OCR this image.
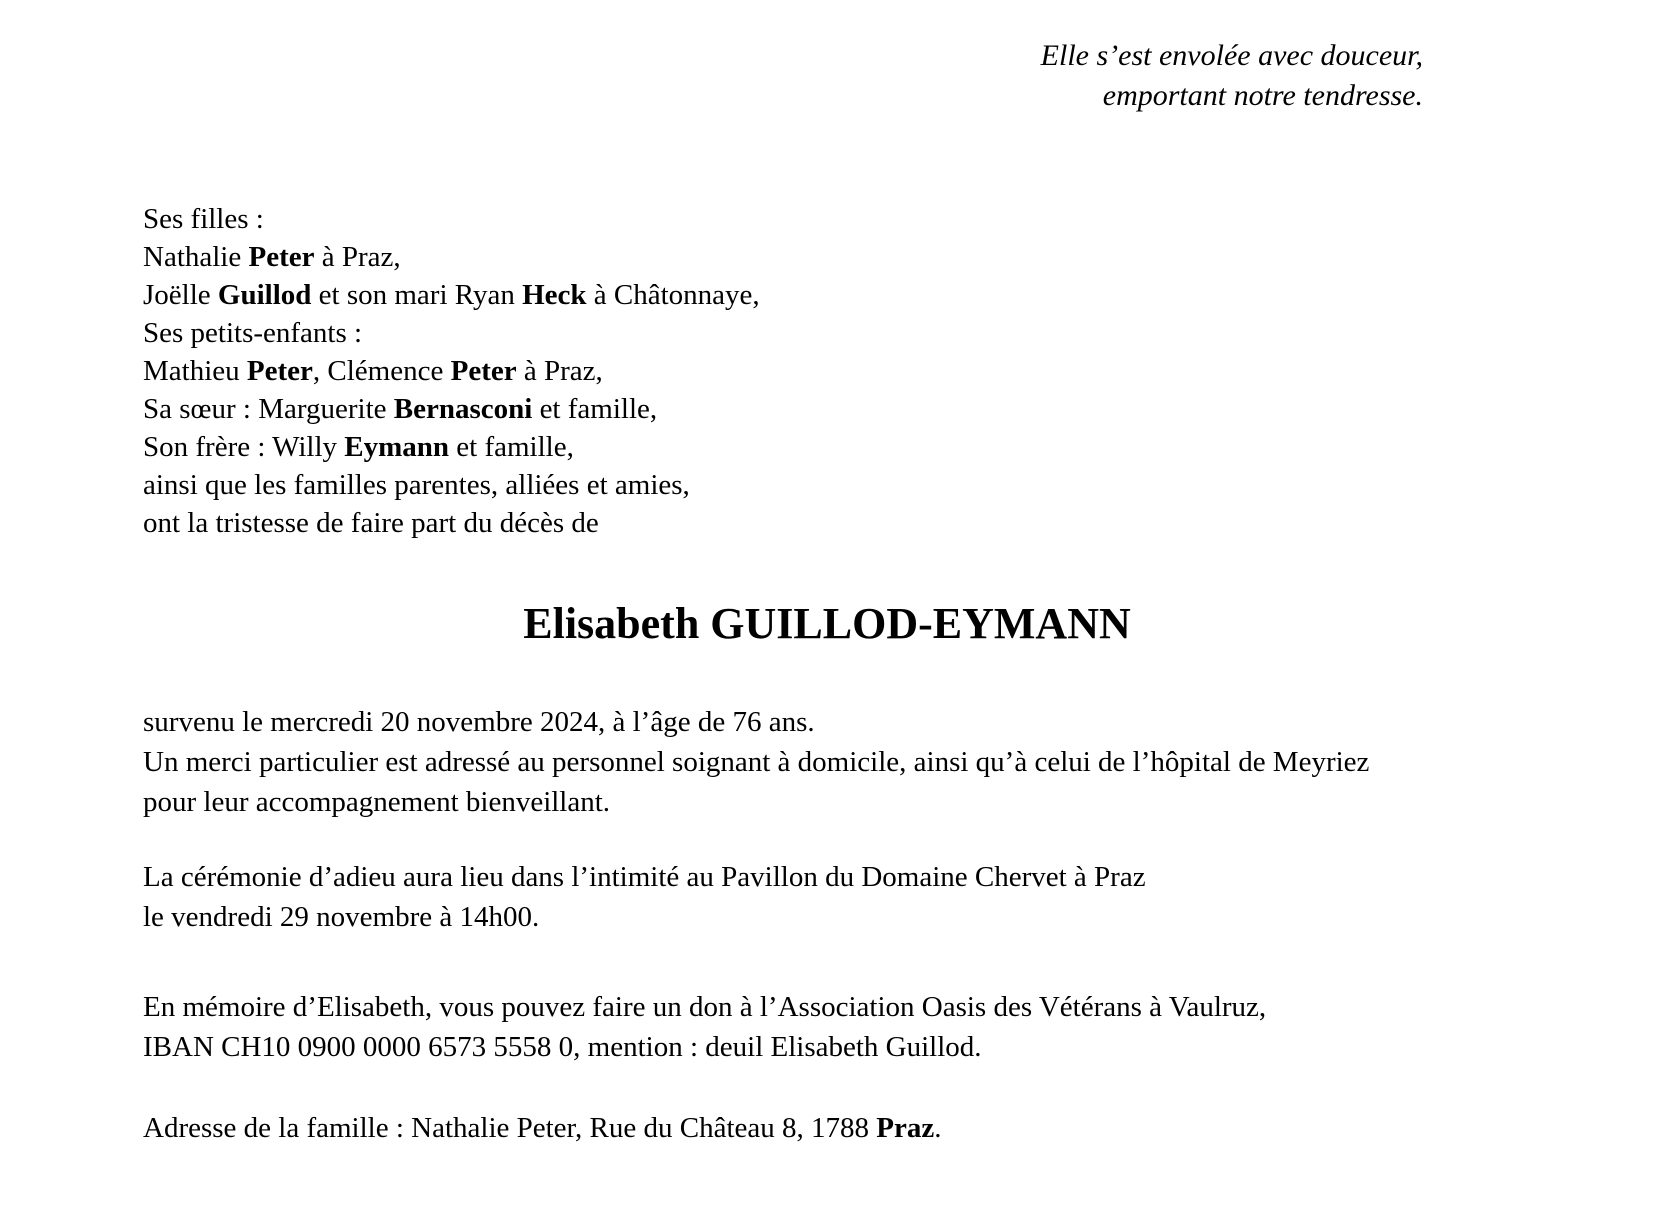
Elle s’est envolée avec douceur,
emportant notre tendresse.
Ses filles :
Nathalie Peter à Praz,
Joëlle Guillod et son mari Ryan Heck à Châtonnaye,
Ses petits-enfants :
Mathieu Peter, Clémence Peter à Praz,
Sa sœur : Marguerite Bernasconi et famille,
Son frère : Willy Eymann et famille,
ainsi que les familles parentes, alliées et amies,
ont la tristesse de faire part du décès de
Elisabeth GUILLOD-EYMANN
survenu le mercredi 20 novembre 2024, à l’âge de 76 ans.
Un merci particulier est adressé au personnel soignant à domicile, ainsi qu’à celui de l’hôpital de Meyriez
pour leur accompagnement bienveillant.
La cérémonie d’adieu aura lieu dans l’intimité au Pavillon du Domaine Chervet à Praz
le vendredi 29 novembre à 14h00.
En mémoire d’Elisabeth, vous pouvez faire un don à l’Association Oasis des Vétérans à Vaulruz,
IBAN CH10 0900 0000 6573 5558 0, mention : deuil Elisabeth Guillod.
Adresse de la famille : Nathalie Peter, Rue du Château 8, 1788 Praz.
